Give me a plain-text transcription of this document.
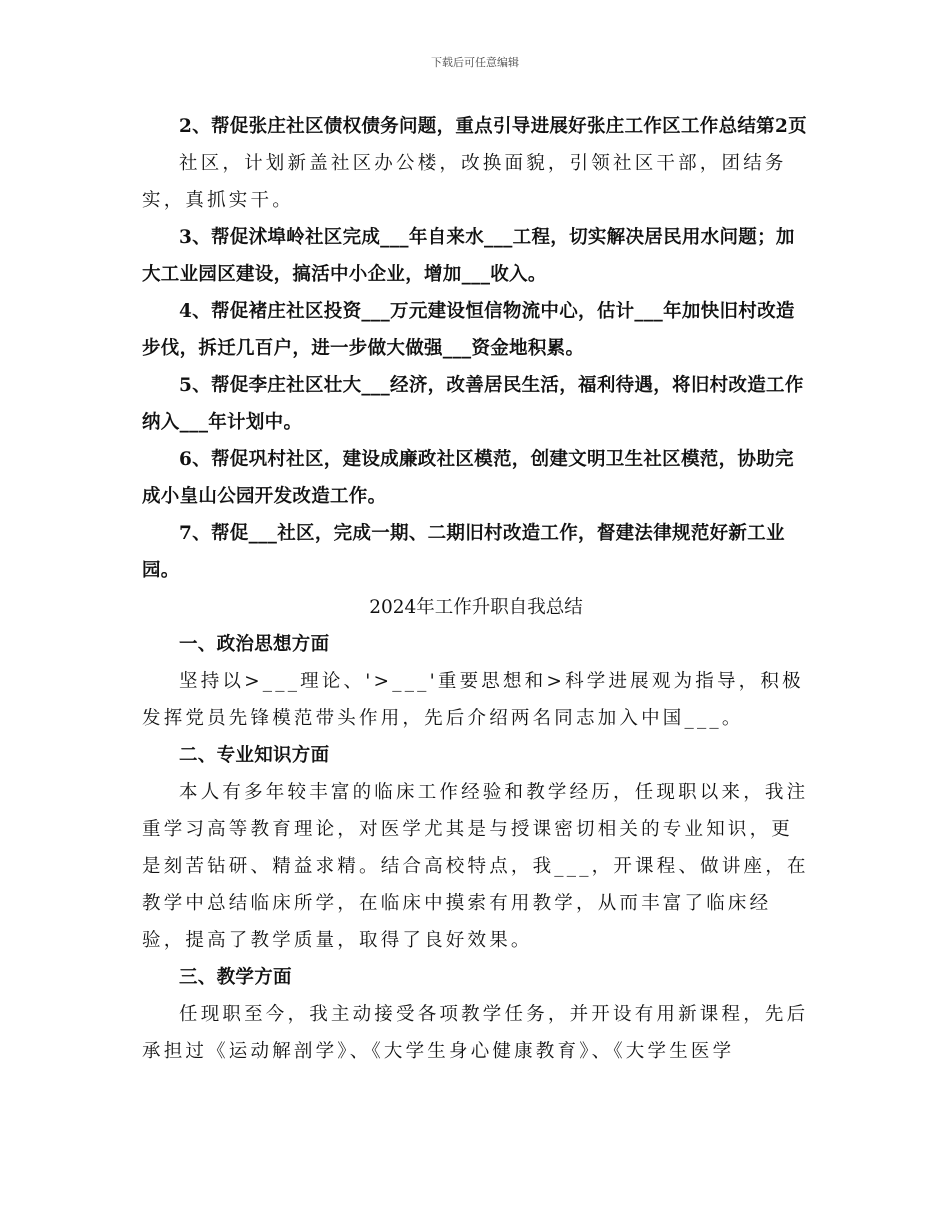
下载后可任意编辑

2、帮促张庄社区债权债务问题，重点引导进展好张庄工作区工作总结第2页

社区，计划新盖社区办公楼，改换面貌，引领社区干部，团结务实，真抓实干。

3、帮促沭埠岭社区完成___年自来水___工程，切实解决居民用水问题；加大工业园区建设，搞活中小企业，增加___收入。

4、帮促褚庄社区投资___万元建设恒信物流中心，估计___年加快旧村改造步伐，拆迁几百户，进一步做大做强___资金地积累。

5、帮促李庄社区壮大___经济，改善居民生活，福利待遇，将旧村改造工作纳入___年计划中。

6、帮促巩村社区，建设成廉政社区模范，创建文明卫生社区模范，协助完成小皇山公园开发改造工作。

7、帮促___社区，完成一期、二期旧村改造工作，督建法律规范好新工业园。

2024年工作升职自我总结

一、政治思想方面

坚持以>___理论、'>___'重要思想和>科学进展观为指导，积极发挥党员先锋模范带头作用，先后介绍两名同志加入中国___。

二、专业知识方面

本人有多年较丰富的临床工作经验和教学经历，任现职以来，我注重学习高等教育理论，对医学尤其是与授课密切相关的专业知识，更是刻苦钻研、精益求精。结合高校特点，我___，开课程、做讲座，在教学中总结临床所学，在临床中摸索有用教学，从而丰富了临床经验，提高了教学质量，取得了良好效果。

三、教学方面

任现职至今，我主动接受各项教学任务，并开设有用新课程，先后承担过《运动解剖学》、《大学生身心健康教育》、《大学生医学
